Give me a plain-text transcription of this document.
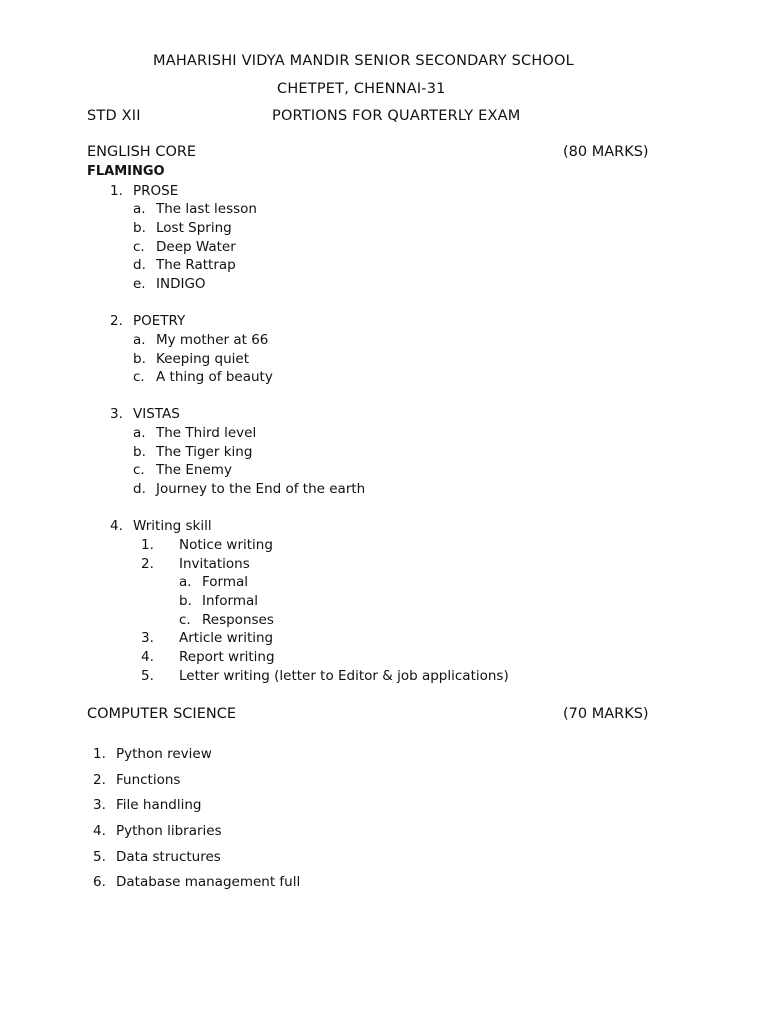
MAHARISHI VIDYA MANDIR SENIOR SECONDARY SCHOOL
CHETPET, CHENNAI-31
STD XII	PORTIONS FOR QUARTERLY EXAM
ENGLISH CORE	(80 MARKS)
FLAMINGO
1. PROSE
a. The last lesson
b. Lost Spring
c. Deep Water
d. The Rattrap
e. INDIGO
2. POETRY
a. My mother at 66
b. Keeping quiet
c. A thing of beauty
3. VISTAS
a. The Third level
b. The Tiger king
c. The Enemy
d. Journey to the End of the earth
4. Writing skill
1. Notice writing
2. Invitations
a. Formal
b. Informal
c. Responses
3. Article writing
4. Report writing
5. Letter writing (letter to Editor & job applications)
COMPUTER SCIENCE	(70 MARKS)
1. Python review
2. Functions
3. File handling
4. Python libraries
5. Data structures
6. Database management full
